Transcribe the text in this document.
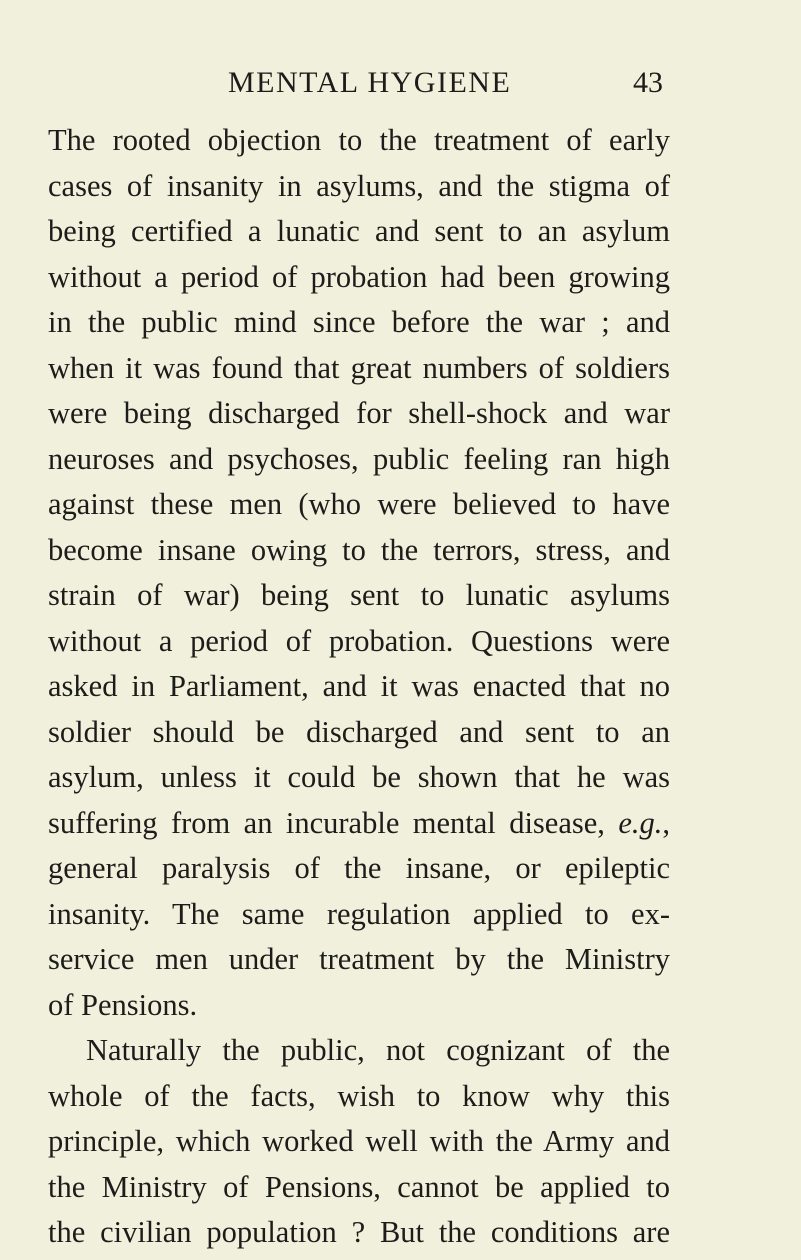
MENTAL HYGIENE	43
The rooted objection to the treatment of early
cases of insanity in asylums, and the stigma of
being certified a lunatic and sent to an asylum
without a period of probation had been growing
in the public mind since before the war ; and
when it was found that great numbers of soldiers
were being discharged for shell-shock and war
neuroses and psychoses, public feeling ran high
against these men (who were believed to have
become insane owing to the terrors, stress, and
strain of war) being sent to lunatic asylums
without a period of probation. Questions were
asked in Parliament, and it was enacted that no
soldier should be discharged and sent to an
asylum, unless it could be shown that he was
suffering from an incurable mental disease, e.g.,
general paralysis of the insane, or epileptic
insanity. The same regulation applied to ex-
service men under treatment by the Ministry
of Pensions.
Naturally the public, not cognizant of the
whole of the facts, wish to know why this
principle, which worked well with the Army and
the Ministry of Pensions, cannot be applied to
the civilian population ? But the conditions are
